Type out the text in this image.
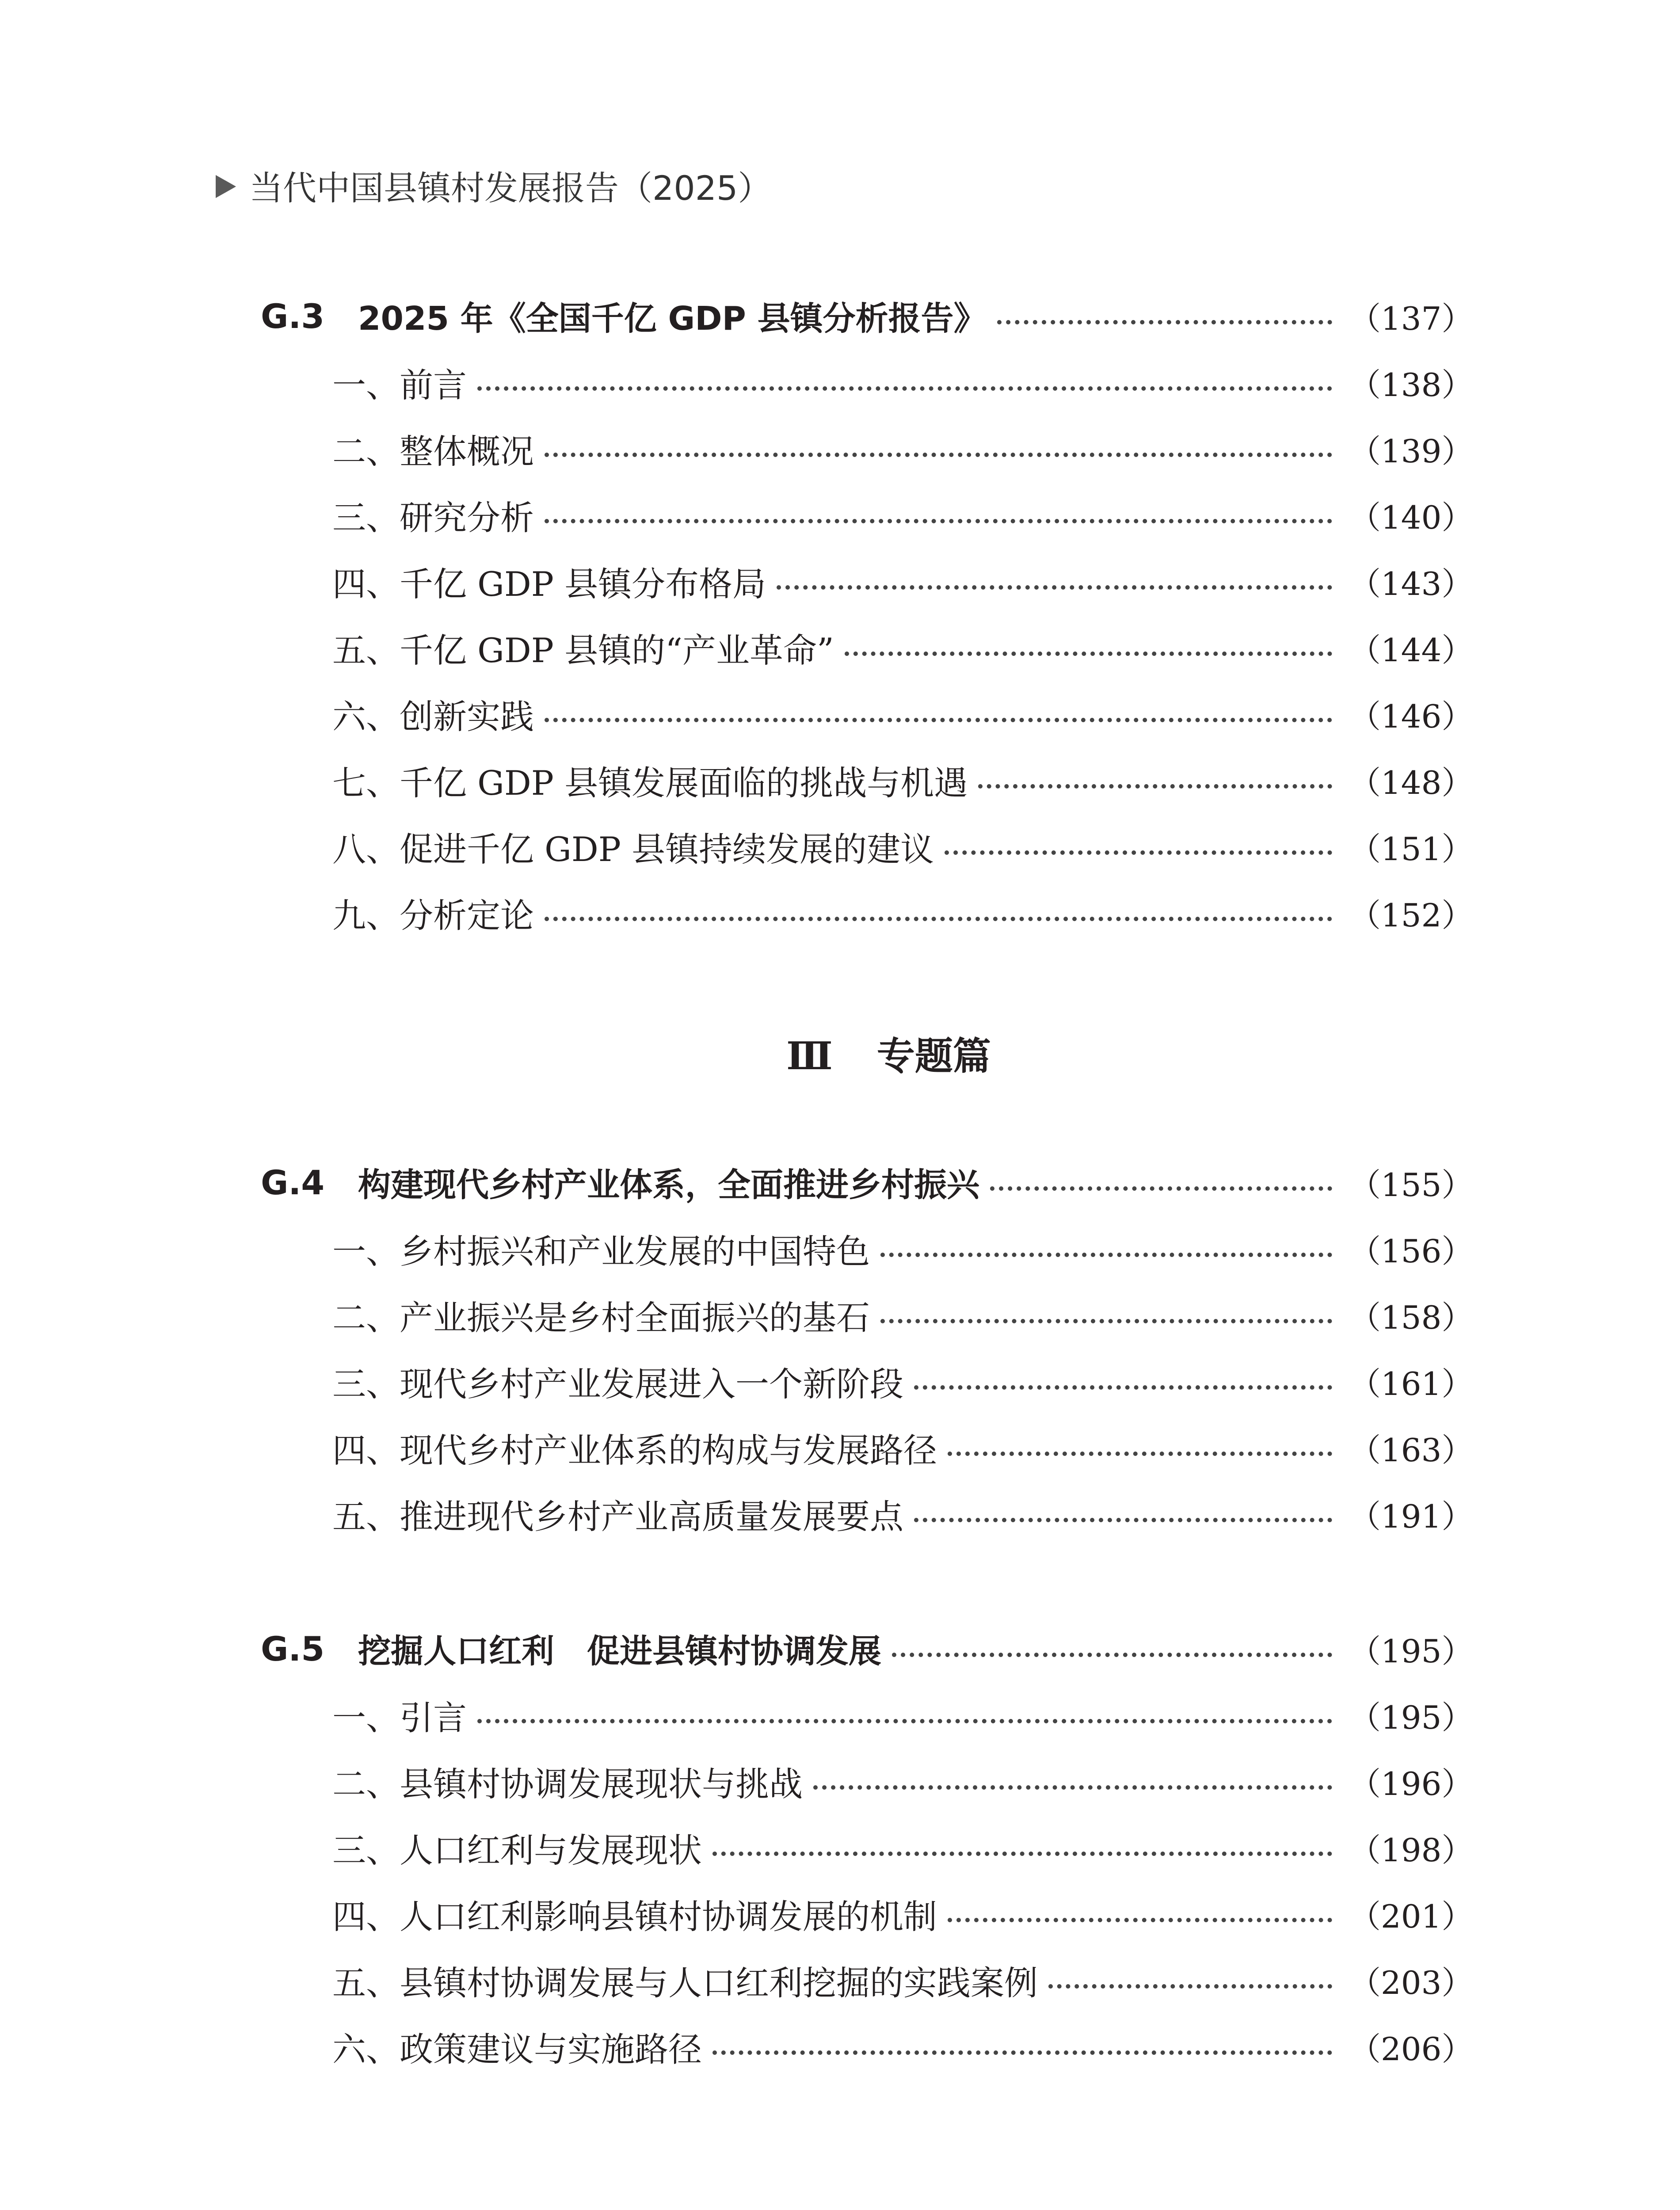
当代中国县镇村发展报告（2025）
G.3	2025 年《全国千亿 GDP 县镇分析报告》	（137）
一、前言	（138）
二、整体概况	（139）
三、研究分析	（140）
四、千亿 GDP 县镇分布格局	（143）
五、千亿 GDP 县镇的“产业革命”	（144）
六、创新实践	（146）
七、千亿 GDP 县镇发展面临的挑战与机遇	（148）
八、促进千亿 GDP 县镇持续发展的建议	（151）
九、分析定论	（152）
Ⅲ 专题篇
G.4	构建现代乡村产业体系，全面推进乡村振兴	（155）
一、乡村振兴和产业发展的中国特色	（156）
二、产业振兴是乡村全面振兴的基石	（158）
三、现代乡村产业发展进入一个新阶段	（161）
四、现代乡村产业体系的构成与发展路径	（163）
五、推进现代乡村产业高质量发展要点	（191）
G.5	挖掘人口红利　促进县镇村协调发展	（195）
一、引言	（195）
二、县镇村协调发展现状与挑战	（196）
三、人口红利与发展现状	（198）
四、人口红利影响县镇村协调发展的机制	（201）
五、县镇村协调发展与人口红利挖掘的实践案例	（203）
六、政策建议与实施路径	（206）
